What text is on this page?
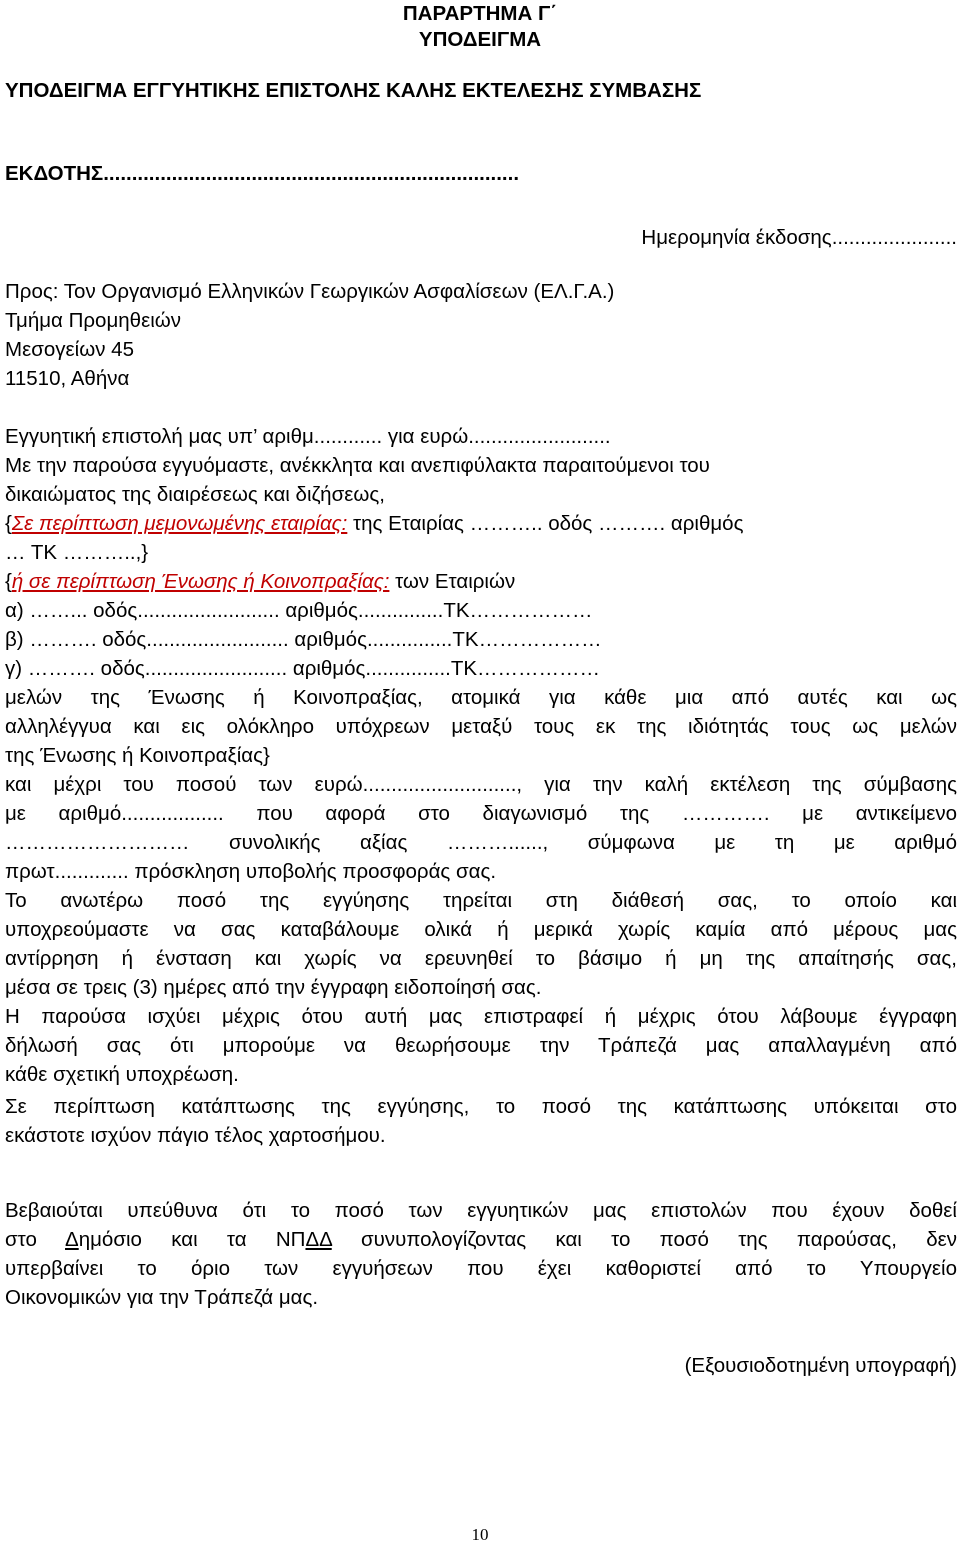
ΠΑΡΑΡΤΗΜΑ Γ΄
ΥΠΟΔΕΙΓΜΑ
ΥΠΟΔΕΙΓΜΑ ΕΓΓΥΗΤΙΚΗΣ ΕΠΙΣΤΟΛΗΣ ΚΑΛΗΣ ΕΚΤΕΛΕΣΗΣ ΣΥΜΒΑΣΗΣ
ΕΚΔΟΤΗΣ.........................................................................
Ημερομηνία έκδοσης......................
Προς: Τον Οργανισμό Ελληνικών Γεωργικών Ασφαλίσεων (ΕΛ.Γ.Α.)
Τμήμα Προμηθειών
Μεσογείων 45
11510, Αθήνα
Εγγυητική επιστολή μας υπ’ αριθμ............ για ευρώ.........................
Με την παρούσα εγγυόμαστε, ανέκκλητα και ανεπιφύλακτα παραιτούμενοι του
δικαιώματος της διαιρέσεως και διζήσεως,
{Σε περίπτωση μεμονωμένης εταιρίας: της Εταιρίας ……….. οδός ………. αριθμός
… ΤΚ ………..,}
{ή σε περίπτωση Ένωσης ή Κοινοπραξίας: των Εταιριών
α) ……... οδός......................... αριθμός...............ΤΚ………………
β) ………. οδός......................... αριθμός...............ΤΚ………………
γ) ………. οδός......................... αριθμός...............ΤΚ………………
μελών της Ένωσης ή Κοινοπραξίας, ατομικά για κάθε μια από αυτές και ως
αλληλέγγυα και εις ολόκληρο υπόχρεων μεταξύ τους εκ της ιδιότητάς τους ως μελών
της Ένωσης ή Κοινοπραξίας}
και μέχρι του ποσού των ευρώ..........................., για την καλή εκτέλεση της σύμβασης
με αριθμό.................. που αφορά στο διαγωνισμό της …………. με αντικείμενο
……………………… συνολικής αξίας ………......, σύμφωνα με τη με αριθμό
πρωτ............. πρόσκληση υποβολής προσφοράς σας.
Το ανωτέρω ποσό της εγγύησης τηρείται στη διάθεσή σας, το οποίο και
υποχρεούμαστε να σας καταβάλουμε ολικά ή μερικά χωρίς καμία από μέρους μας
αντίρρηση ή ένσταση και χωρίς να ερευνηθεί το βάσιμο ή μη της απαίτησής σας,
μέσα σε τρεις (3) ημέρες από την έγγραφη ειδοποίησή σας.
Η παρούσα ισχύει μέχρις ότου αυτή μας επιστραφεί ή μέχρις ότου λάβουμε έγγραφη
δήλωσή σας ότι μπορούμε να θεωρήσουμε την Τράπεζά μας απαλλαγμένη από
κάθε σχετική υποχρέωση.
Σε περίπτωση κατάπτωσης της εγγύησης, το ποσό της κατάπτωσης υπόκειται στο
εκάστοτε ισχύον πάγιο τέλος χαρτοσήμου.
Βεβαιούται υπεύθυνα ότι το ποσό των εγγυητικών μας επιστολών που έχουν δοθεί
στο Δημόσιο και τα ΝΠΔΔ συνυπολογίζοντας και το ποσό της παρούσας, δεν
υπερβαίνει το όριο των εγγυήσεων που έχει καθοριστεί από το Υπουργείο
Οικονομικών για την Τράπεζά μας.
(Εξουσιοδοτημένη υπογραφή)
10
